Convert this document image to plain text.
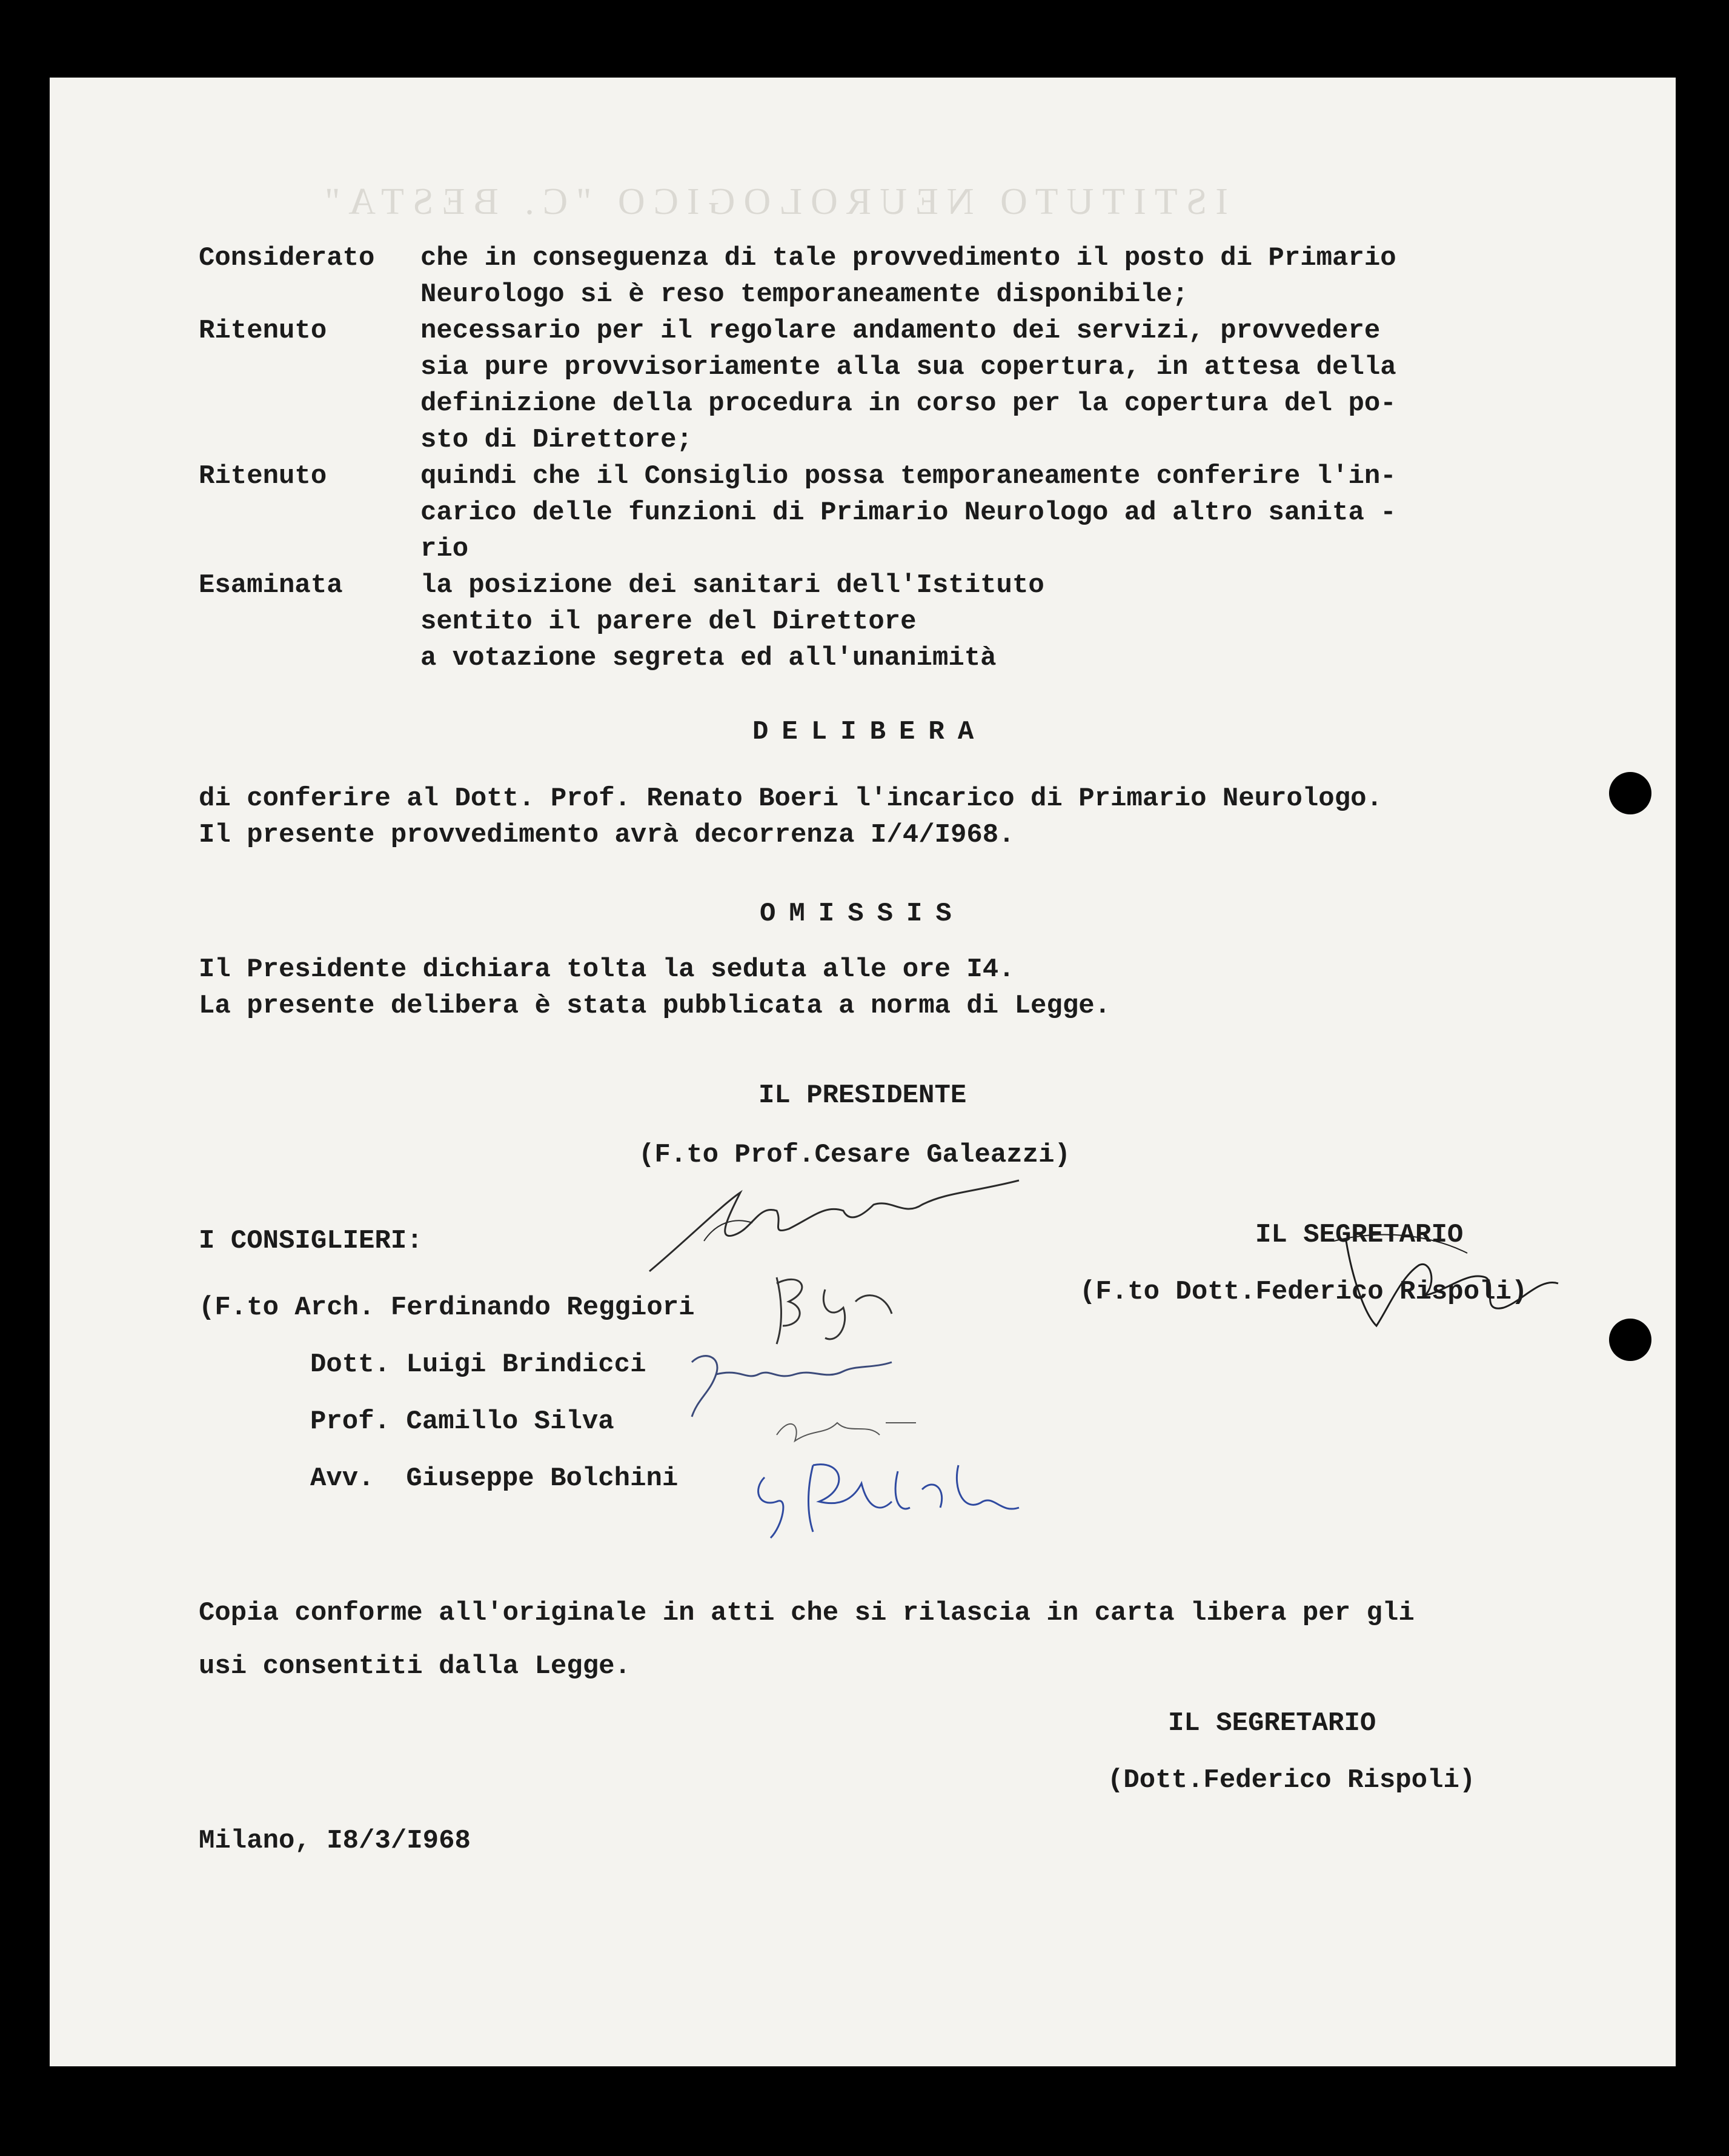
ISTITUTO NEUROLOGICO "C. BESTA"
Considerato che in conseguenza di tale provvedimento il posto di Primario
Neurologo si è reso temporaneamente disponibile;
Ritenuto	necessario per il regolare andamento dei servizi, provvedere
sia pure provvisoriamente alla sua copertura, in attesa della
definizione della procedura in corso per la copertura del po-
sto di Direttore;
Ritenuto	quindi che il Consiglio possa temporaneamente conferire l'in-
carico delle funzioni di Primario Neurologo ad altro sanita -
rio
Esaminata	la posizione dei sanitari dell'Istituto
sentito il parere del Direttore
a votazione segreta ed all'unanimità
DELIBERA
di conferire al Dott. Prof. Renato Boeri l'incarico di Primario Neurologo.
Il presente provvedimento avrà decorrenza I/4/I968.
OMISSIS
Il Presidente dichiara tolta la seduta alle ore I4.
La presente delibera è stata pubblicata a norma di Legge.
IL PRESIDENTE
(F.to Prof.Cesare Galeazzi)
I CONSIGLIERI:
(F.to Arch. Ferdinando Reggiori
Dott. Luigi Brindicci
Prof. Camillo Silva
Avv.  Giuseppe Bolchini
IL SEGRETARIO
(F.to Dott.Federico Rispoli)
Copia conforme all'originale in atti che si rilascia in carta libera per gli
usi consentiti dalla Legge.
IL SEGRETARIO
(Dott.Federico Rispoli)
Milano, I8/3/I968
